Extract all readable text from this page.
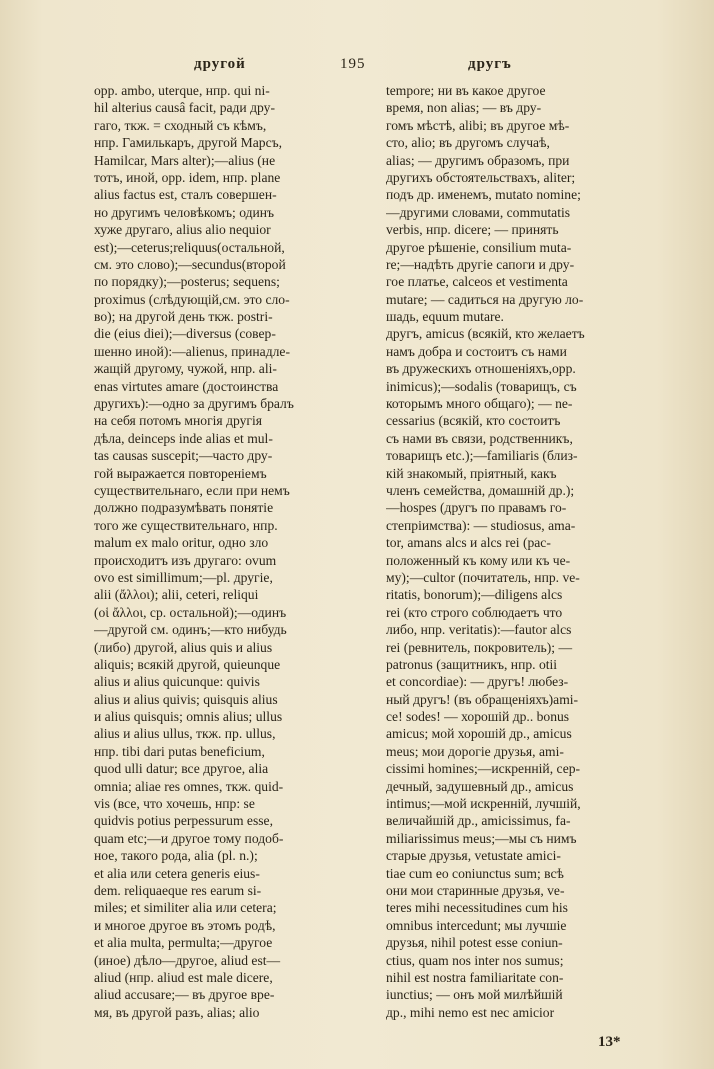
другой	195	другъ
opp. ambo, uterque, нпр. qui ni-
hil alterius causâ facit, ради дру-
гаго, ткж. = сходный съ кѣмъ,
нпр. Гамилькаръ, другой Марсъ,
Hamilcar, Mars alter);—alius (не
тотъ, иной, opp. idem, нпр. plane
alius factus est, сталъ совершен-
но другимъ человѣкомъ; одинъ
хуже другаго, alius alio nequior
est);—ceterus;reliquus(остальной,
см. это слово);—secundus(второй
по порядку);—posterus; sequens;
proximus (слѣдующій,см. это сло-
во); на другой день ткж. postri-
die (eius diei);—diversus (совер-
шенно иной):—alienus, принадле-
жащій другому, чужой, нпр. ali-
enas virtutes amare (достоинства
другихъ):—одно за другимъ бралъ
на себя потомъ многія другія
дѣла, deinceps inde alias et mul-
tas causas suscepit;—часто дру-
гой выражается повтореніемъ
существительнаго, если при немъ
должно подразумѣвать понятіе
того же существительнаго, нпр.
malum ex malo oritur, одно зло
происходитъ изъ другаго: ovum
ovo est simillimum;—pl. другіе,
alii (ἄλλοι); alii, ceteri, reliqui
(οἱ ἄλλοι, ср. остальной);—одинъ
—другой см. одинъ;—кто нибудь
(либо) другой, alius quis и alius
aliquis; всякій другой, quieunque
alius и alius quicunque: quivis
alius и alius quivis; quisquis alius
и alius quisquis; omnis alius; ullus
alius и alius ullus, ткж. пр. ullus,
нпр. tibi dari putas beneficium,
quod ulli datur; все другое, alia
omnia; aliae res omnes, ткж. quid-
vis (все, что хочешь, нпр: se
quidvis potius perpessurum esse,
quam etc;—и другое тому подоб-
ное, такого рода, alia (pl. n.);
et alia или cetera generis eius-
dem. reliquaeque res earum si-
miles; et similiter alia или cetera;
и многое другое въ этомъ родѣ,
et alia multa, permulta;—другое
(иное) дѣло—другое, aliud est—
aliud (нпр. aliud est male dicere,
aliud accusare;— въ другое вре-
мя, въ другой разъ, alias; alio
tempore; ни въ какое другое
время, non alias; — въ дру-
гомъ мѣстѣ, alibi; въ другое мѣ-
сто, alio; въ другомъ случаѣ,
alias; — другимъ образомъ, при
другихъ обстоятельствахъ, aliter;
подъ др. именемъ, mutato nomine;
—другими словами, commutatis
verbis, нпр. dicere; — принять
другое рѣшеніе, consilium muta-
re;—надѣть другіе сапоги и дру-
гое платье, calceos et vestimenta
mutare; — садиться на другую ло-
шадь, equum mutare.
другъ, amicus (всякій, кто желаетъ
намъ добра и состоитъ съ нами
въ дружескихъ отношеніяхъ,opp.
inimicus);—sodalis (товарищъ, съ
которымъ много общаго); — ne-
cessarius (всякій, кто состоитъ
съ нами въ связи, родственникъ,
товарищъ etc.);—familiaris (близ-
кій знакомый, пріятный, какъ
членъ семейства, домашній др.);
—hospes (другъ по правамъ го-
степріимства): — studiosus, ama-
tor, amans alcs и alcs rei (рас-
положенный къ кому или къ че-
му);—cultor (почитатель, нпр. ve-
ritatis, bonorum);—diligens alcs
rei (кто строго соблюдаетъ что
либо, нпр. veritatis):—fautor alcs
rei (ревнитель, покровитель); —
patronus (защитникъ, нпр. otii
et concordiae): — другъ! любез-
ный другъ! (въ обращеніяхъ)ami-
ce! sodes! — хорошій др.. bonus
amicus; мой хорошій др., amicus
meus; мои дорогіе друзья, ami-
cissimi homines;—искренній, сер-
дечный, задушевный др., amicus
intimus;—мой искренній, лучшій,
величайшій др., amicissimus, fa-
miliarissimus meus;—мы съ нимъ
старые друзья, vetustate amici-
tiae cum eo coniunctus sum; всѣ
они мои старинные друзья, ve-
teres mihi necessitudines cum his
omnibus intercedunt; мы лучшіе
друзья, nihil potest esse coniun-
ctius, quam nos inter nos sumus;
nihil est nostra familiaritate con-
iunctius; — онъ мой милѣйшій
др., mihi nemo est nec amicior
13*
